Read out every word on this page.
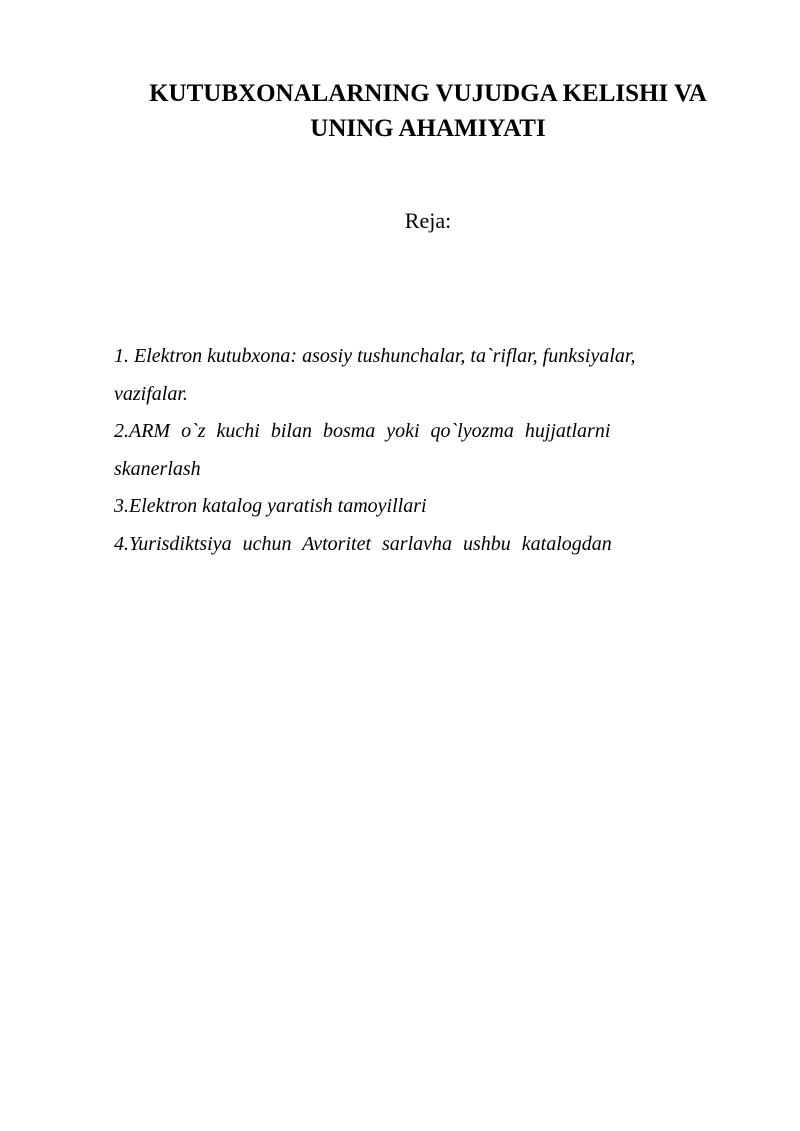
KUTUBXONALARNING VUJUDGA KELISHI VA
UNING AHAMIYATI
Reja:
1. Elektron kutubxona: asosiy tushunchalar, ta`riflar, funksiyalar,
vazifalar.
2.ARM o`z kuchi bilan bosma yoki qo`lyozma hujjatlarni
skanerlash
3.Elektron katalog yaratish tamoyillari
4.Yurisdiktsiya uchun Avtoritet sarlavha ushbu katalogdan
